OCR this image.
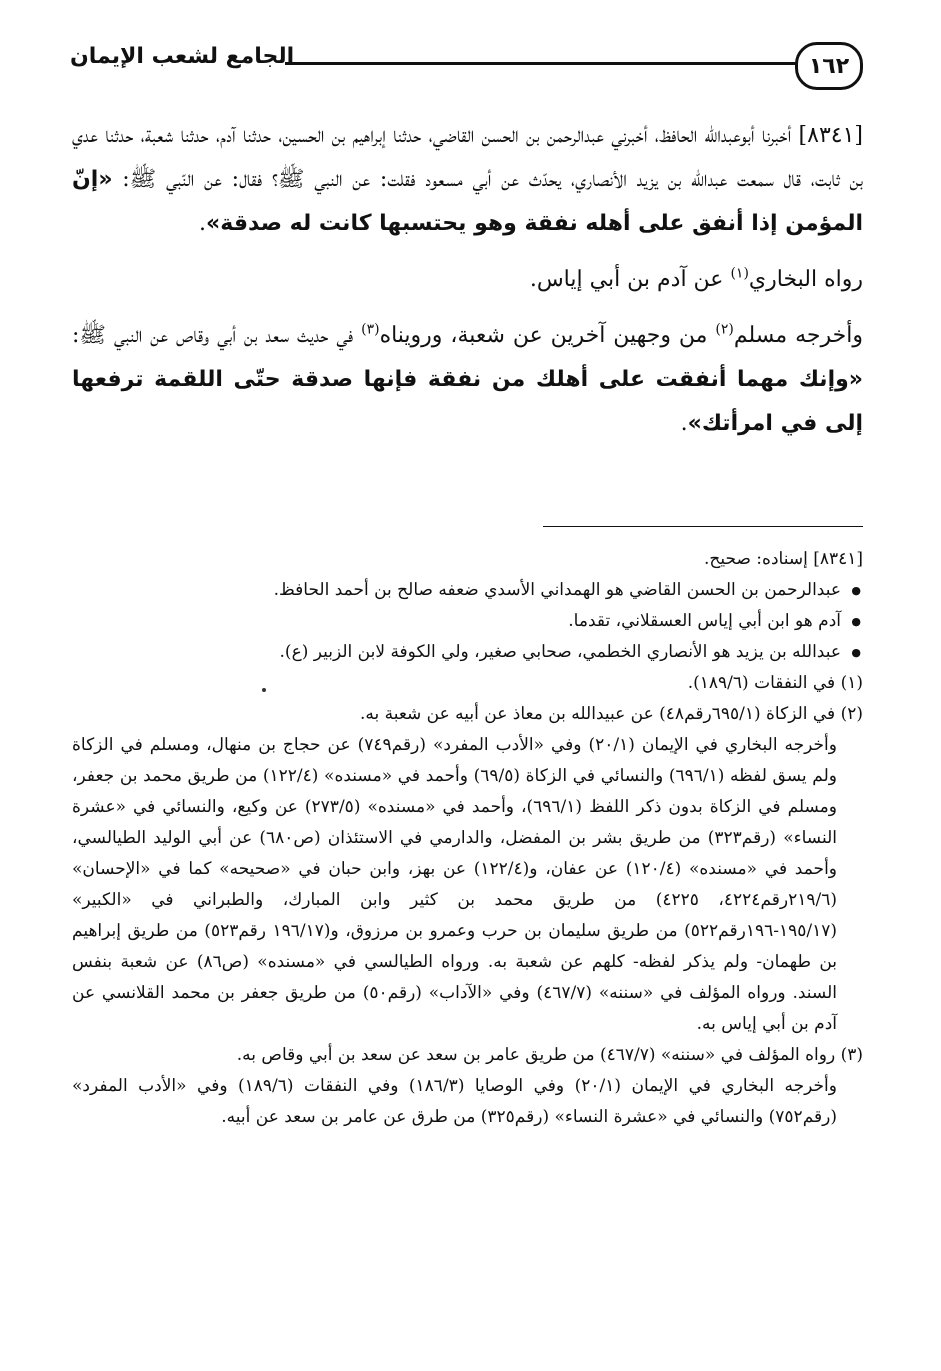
١٦٢
الجامع لشعب الإيمان

[٨٣٤١] أخبرنا أبوعبدالله الحافظ، أخبرني عبدالرحمن بن الحسن القاضي، حدثنا إبراهيم بن الحسين، حدثنا آدم، حدثنا شعبة، حدثنا عدي بن ثابت، قال سمعت عبدالله بن يزيد الأنصاري، يحدّث عن أبي مسعود فقلت: عن النبي ﷺ؟ فقال: عن النّبي ﷺ: «إنّ المؤمن إذا أنفق على أهله نفقة وهو يحتسبها كانت له صدقة».

رواه البخاري$^{(١)}$ عن آدم بن أبي إياس.

وأخرجه مسلم$^{(٢)}$ من وجهين آخرين عن شعبة، ورويناه$^{(٣)}$ في حديث سعد بن أبي وقاص عن النبي ﷺ: «وإنك مهما أنفقت على أهلك من نفقة فإنها صدقة حتّى اللقمة ترفعها إلى في امرأتك».

[٨٣٤١] إسناده: صحيح.

● عبدالرحمن بن الحسن القاضي هو الهمداني الأسدي ضعفه صالح بن أحمد الحافظ.
● آدم هو ابن أبي إياس العسقلاني، تقدما.
● عبدالله بن يزيد هو الأنصاري الخطمي، صحابي صغير، ولي الكوفة لابن الزبير (ع).

(١) في النفقات (١٨٩/٦).

(٢) في الزكاة (٦٩٥/١رقم٤٨) عن عبيدالله بن معاذ عن أبيه عن شعبة به.

وأخرجه البخاري في الإيمان (٢٠/١) وفي «الأدب المفرد» (رقم٧٤٩) عن حجاج بن منهال، ومسلم في الزكاة ولم يسق لفظه (٦٩٦/١) والنسائي في الزكاة (٦٩/٥) وأحمد في «مسنده» (١٢٢/٤) من طريق محمد بن جعفر، ومسلم في الزكاة بدون ذكر اللفظ (٦٩٦/١)، وأحمد في «مسنده» (٢٧٣/٥) عن وكيع، والنسائي في «عشرة النساء» (رقم٣٢٣) من طريق بشر بن المفضل، والدارمي في الاستئذان (ص٦٨٠) عن أبي الوليد الطيالسي، وأحمد في «مسنده» (١٢٠/٤) عن عفان، و(١٢٢/٤) عن بهز، وابن حبان في «صحيحه» كما في «الإحسان» (٢١٩/٦رقم٤٢٢٤، ٤٢٢٥) من طريق محمد بن كثير وابن المبارك، والطبراني في «الكبير» (١٩٥/١٧-١٩٦رقم٥٢٢) من طريق سليمان بن حرب وعمرو بن مرزوق، و(١٩٦/١٧ رقم٥٢٣) من طريق إبراهيم بن طهمان- ولم يذكر لفظه- كلهم عن شعبة به. ورواه الطيالسي في «مسنده» (ص٨٦) عن شعبة بنفس السند. ورواه المؤلف في «سننه» (٤٦٧/٧) وفي «الآداب» (رقم٥٠) من طريق جعفر بن محمد القلانسي عن آدم بن أبي إياس به.

(٣) رواه المؤلف في «سننه» (٤٦٧/٧) من طريق عامر بن سعد عن سعد بن أبي وقاص به.

وأخرجه البخاري في الإيمان (٢٠/١) وفي الوصايا (١٨٦/٣) وفي النفقات (١٨٩/٦) وفي «الأدب المفرد» (رقم٧٥٢) والنسائي في «عشرة النساء» (رقم٣٢٥) من طرق عن عامر بن سعد عن أبيه.
